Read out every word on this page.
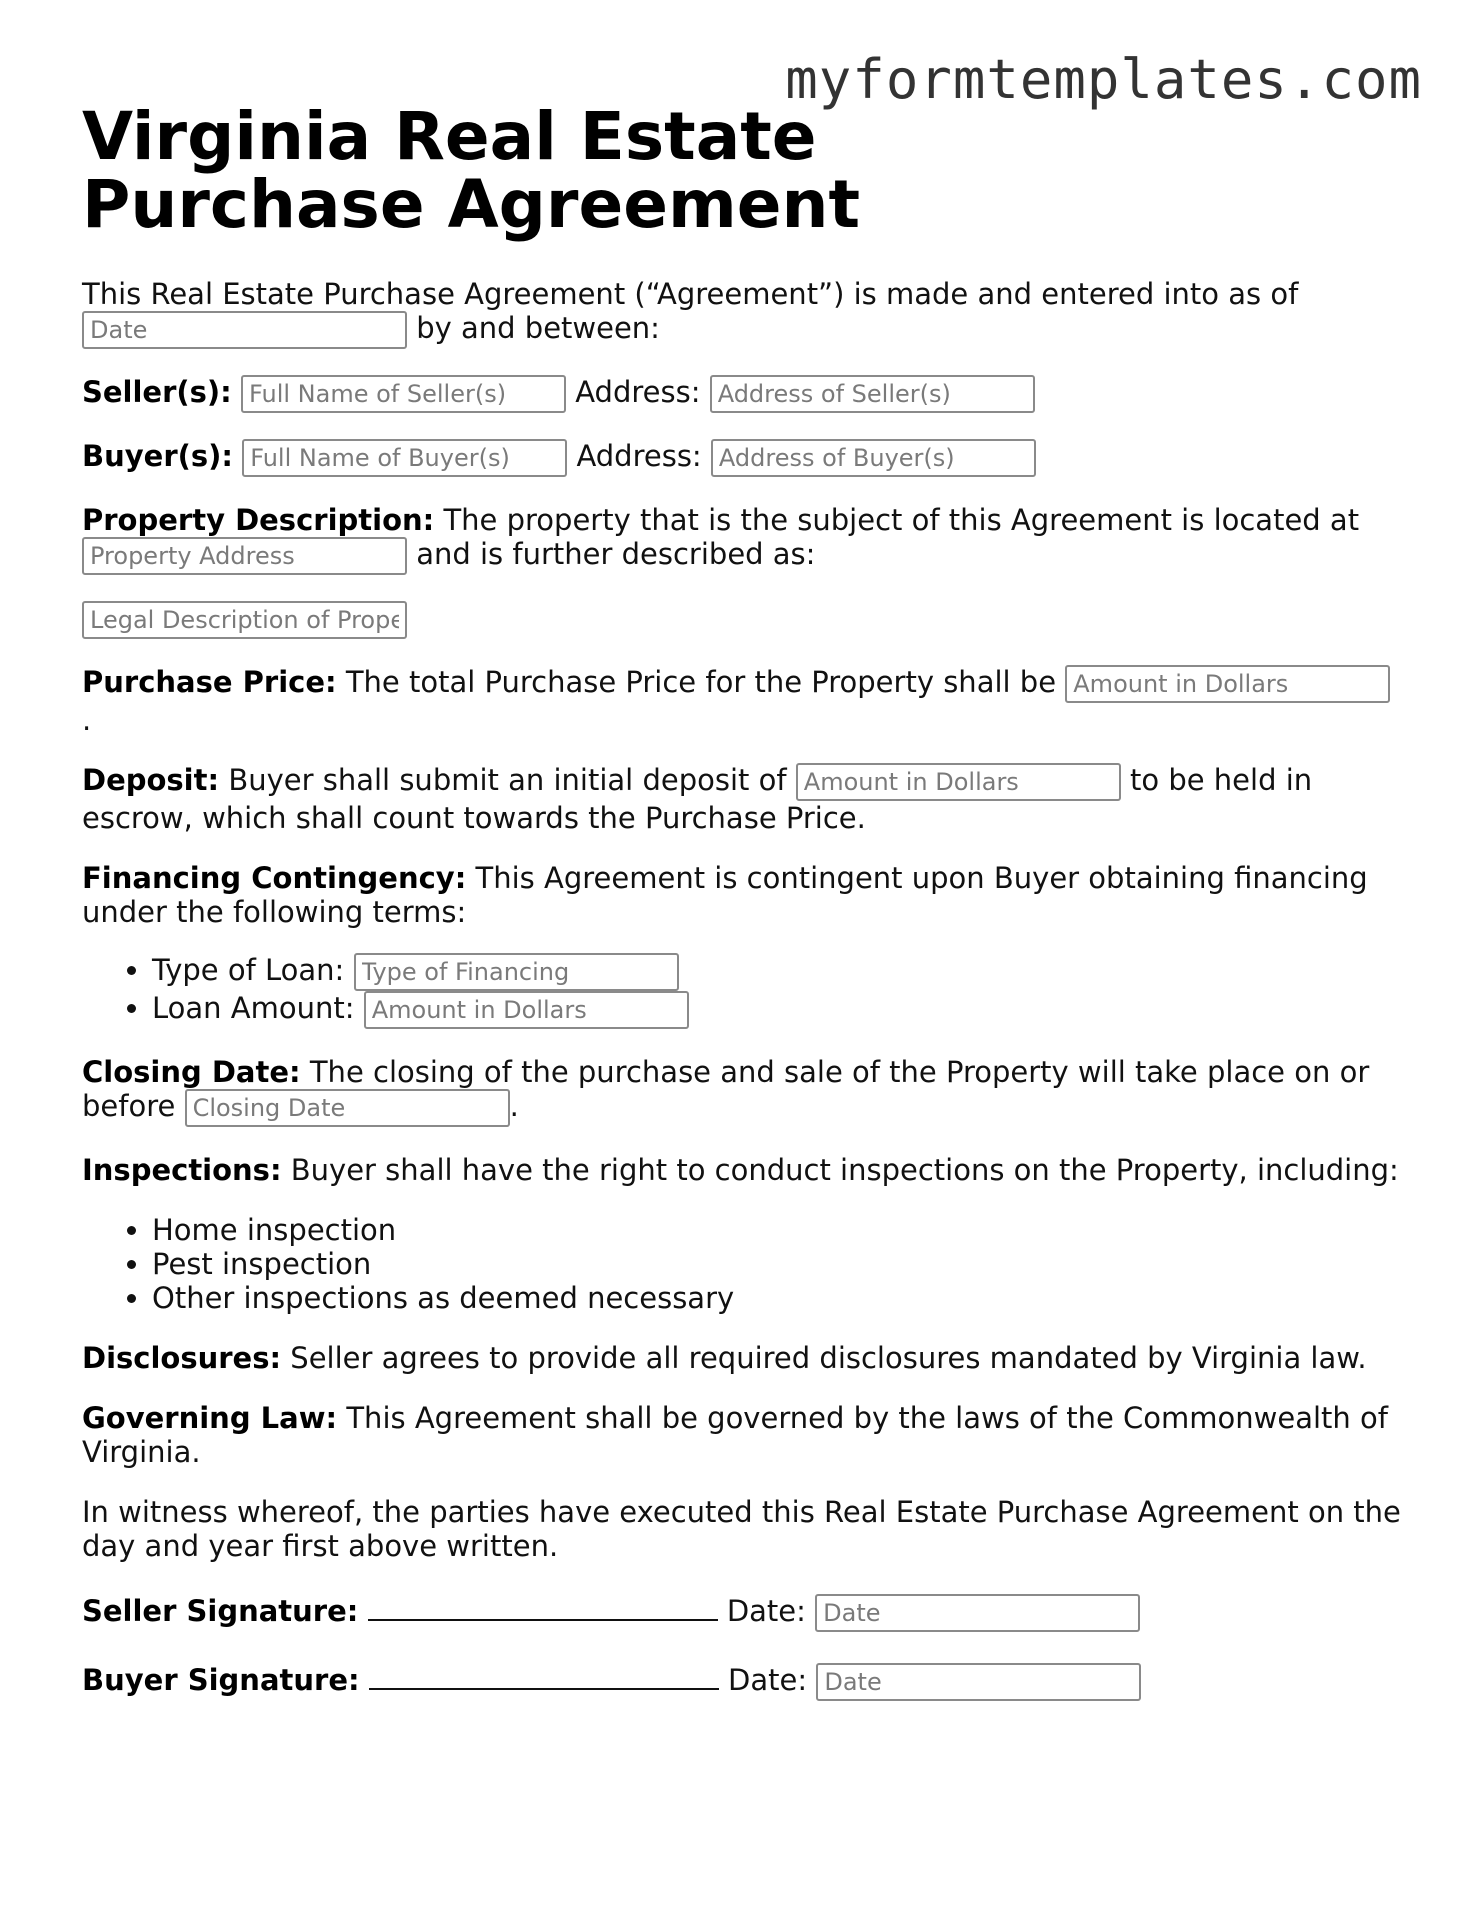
myformtemplates.com
Virginia Real Estate Purchase Agreement

This Real Estate Purchase Agreement (“Agreement”) is made and entered into as of
Date by and between:

Seller(s): Full Name of Seller(s)	Address: Address of Seller(s)

Buyer(s): Full Name of Buyer(s)	Address: Address of Buyer(s)

Property Description: The property that is the subject of this Agreement is located at
Property Address and is further described as:

Legal Description of Property

Purchase Price: The total Purchase Price for the Property shall be Amount in Dollars
.

Deposit: Buyer shall submit an initial deposit of Amount in Dollars	to be held in escrow, which shall count towards the Purchase Price.

Financing Contingency: This Agreement is contingent upon Buyer obtaining financing under the following terms:

• Type of Loan: Type of Financing
• Loan Amount: Amount in Dollars

Closing Date: The closing of the purchase and sale of the Property will take place on or before Closing Date	.

Inspections: Buyer shall have the right to conduct inspections on the Property, including:

• Home inspection
• Pest inspection
• Other inspections as deemed necessary

Disclosures: Seller agrees to provide all required disclosures mandated by Virginia law.

Governing Law: This Agreement shall be governed by the laws of the Commonwealth of Virginia.

In witness whereof, the parties have executed this Real Estate Purchase Agreement on the day and year first above written.

Seller Signature:	Date: Date

Buyer Signature:	Date: Date
